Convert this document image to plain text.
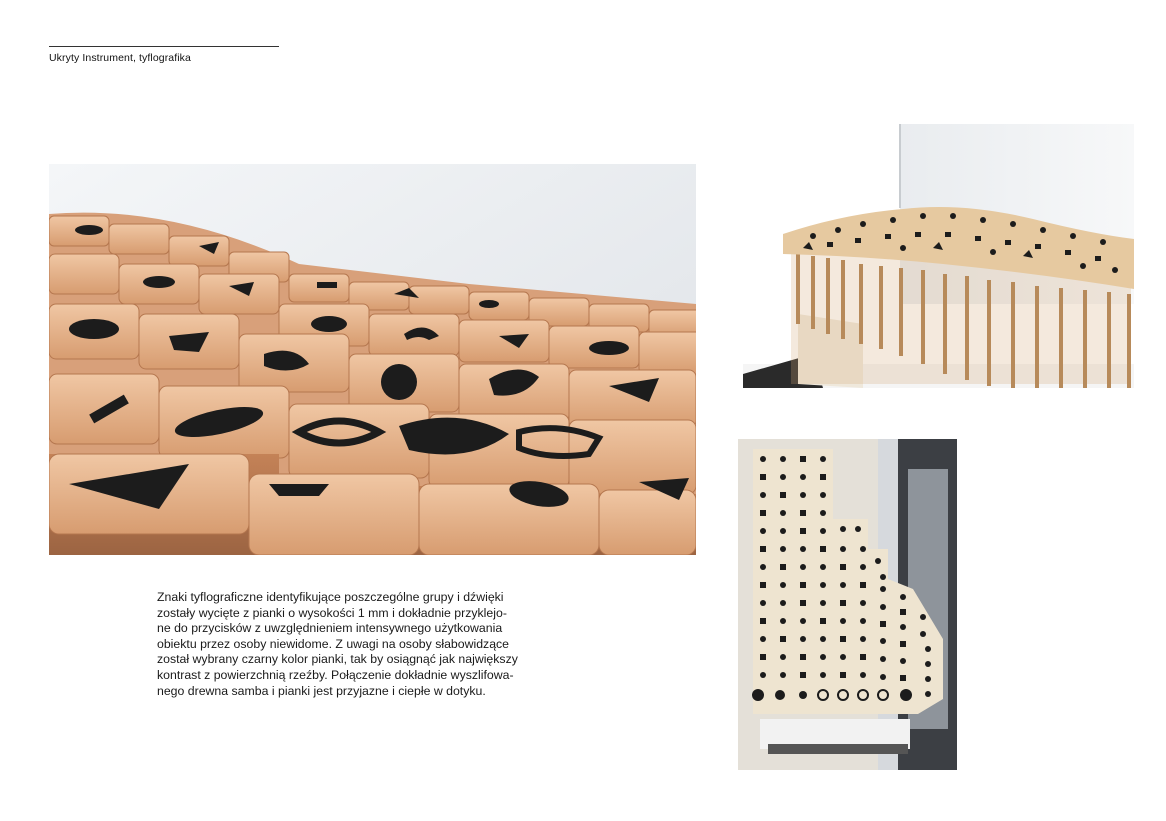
Ukryty Instrument, tyflografika
Znaki tyflograficzne identyfikujące poszczególne grupy i dźwięki
zostały wycięte z pianki o wysokości 1 mm i dokładnie przyklejo-
ne do przycisków z uwzględnieniem intensywnego użytkowania
obiektu przez osoby niewidome. Z uwagi na osoby słabowidzące
został wybrany czarny kolor pianki, tak by osiągnąć jak największy
kontrast z powierzchnią rzeźby. Połączenie dokładnie wyszlifowa-
nego drewna samba i pianki jest przyjazne i ciepłe w dotyku.
